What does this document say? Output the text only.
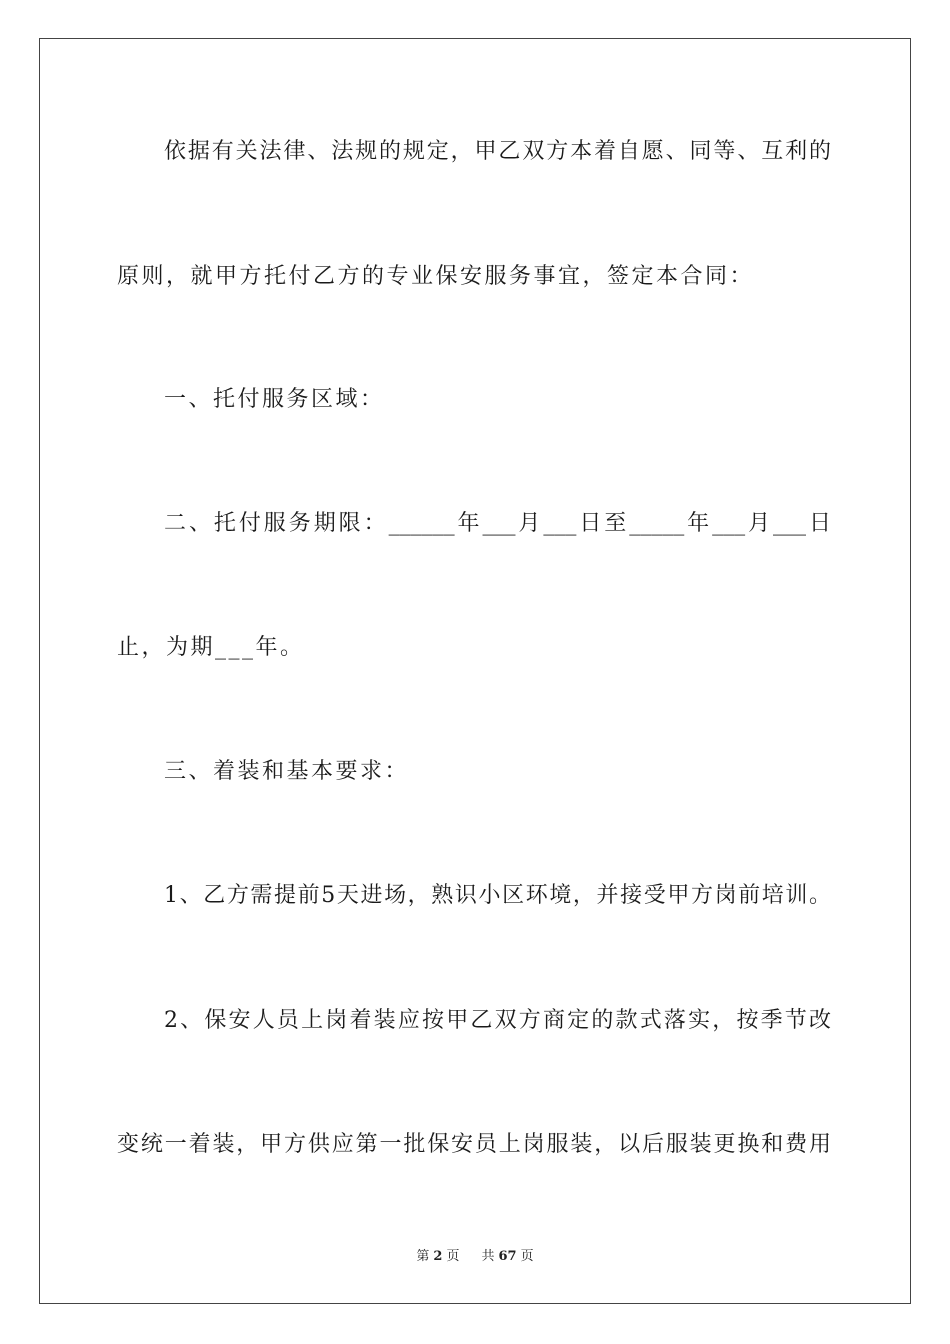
依据有关法律、法规的规定，甲乙双方本着自愿、同等、互利的
原则，就甲方托付乙方的专业保安服务事宜，签定本合同：
一、托付服务区域：
二、托付服务期限：______年___月___日至_____年___月___日
止，为期___年。
三、着装和基本要求：
1、乙方需提前5天进场，熟识小区环境，并接受甲方岗前培训。
2、保安人员上岗着装应按甲乙双方商定的款式落实，按季节改
变统一着装，甲方供应第一批保安员上岗服装，以后服装更换和费用
第 2 页 共 67 页
